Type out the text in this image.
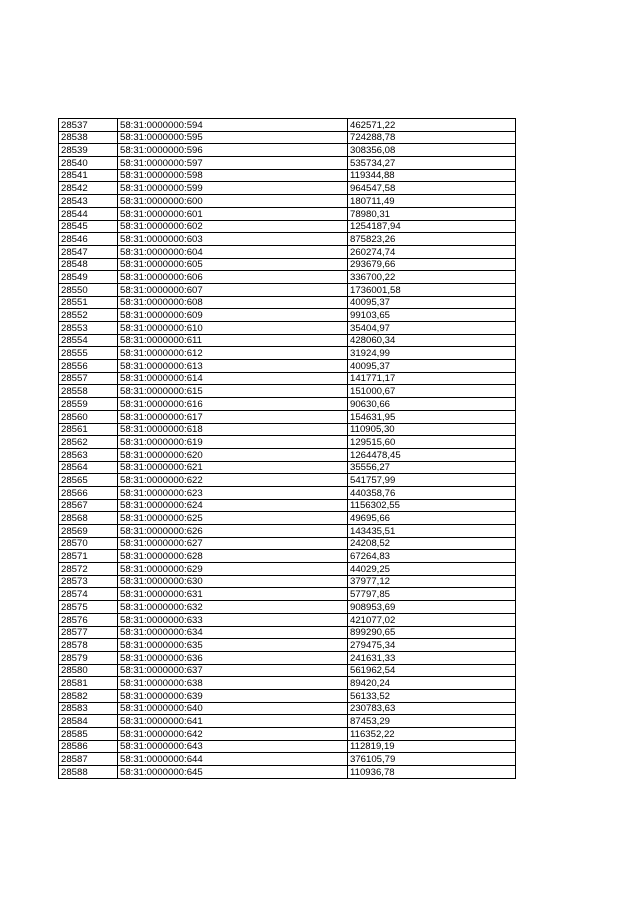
28537	58:31:0000000:594	462571,22
28538	58:31:0000000:595	724288,78
28539	58:31:0000000:596	308356,08
28540	58:31:0000000:597	535734,27
28541	58:31:0000000:598	119344,88
28542	58:31:0000000:599	964547,58
28543	58:31:0000000:600	180711,49
28544	58:31:0000000:601	78980,31
28545	58:31:0000000:602	1254187,94
28546	58:31:0000000:603	875823,26
28547	58:31:0000000:604	260274,74
28548	58:31:0000000:605	293679,66
28549	58:31:0000000:606	336700,22
28550	58:31:0000000:607	1736001,58
28551	58:31:0000000:608	40095,37
28552	58:31:0000000:609	99103,65
28553	58:31:0000000:610	35404,97
28554	58:31:0000000:611	428060,34
28555	58:31:0000000:612	31924,99
28556	58:31:0000000:613	40095,37
28557	58:31:0000000:614	141771,17
28558	58:31:0000000:615	151000,67
28559	58:31:0000000:616	90630,66
28560	58:31:0000000:617	154631,95
28561	58:31:0000000:618	110905,30
28562	58:31:0000000:619	129515,60
28563	58:31:0000000:620	1264478,45
28564	58:31:0000000:621	35556,27
28565	58:31:0000000:622	541757,99
28566	58:31:0000000:623	440358,76
28567	58:31:0000000:624	1156302,55
28568	58:31:0000000:625	49695,66
28569	58:31:0000000:626	143435,51
28570	58:31:0000000:627	24208,52
28571	58:31:0000000:628	67264,83
28572	58:31:0000000:629	44029,25
28573	58:31:0000000:630	37977,12
28574	58:31:0000000:631	57797,85
28575	58:31:0000000:632	908953,69
28576	58:31:0000000:633	421077,02
28577	58:31:0000000:634	899290,65
28578	58:31:0000000:635	279475,34
28579	58:31:0000000:636	241631,33
28580	58:31:0000000:637	561962,54
28581	58:31:0000000:638	89420,24
28582	58:31:0000000:639	56133,52
28583	58:31:0000000:640	230783,63
28584	58:31:0000000:641	87453,29
28585	58:31:0000000:642	116352,22
28586	58:31:0000000:643	112819,19
28587	58:31:0000000:644	376105,79
28588	58:31:0000000:645	110936,78
